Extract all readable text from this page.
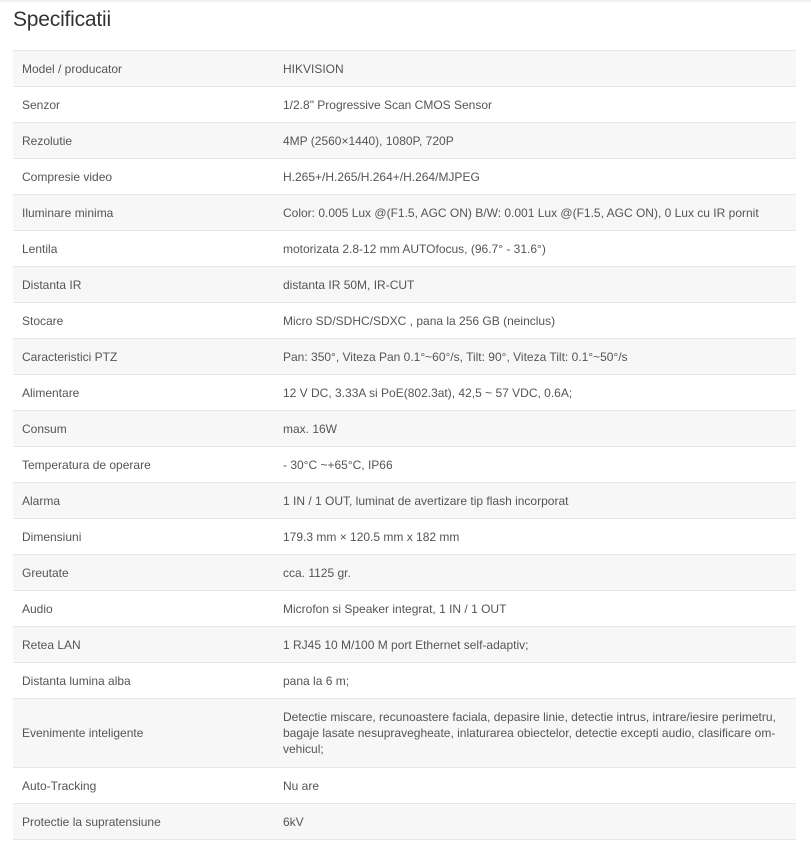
Specificatii
Model / producator	HIKVISION
Senzor	1/2.8" Progressive Scan CMOS Sensor
Rezolutie	4MP (2560×1440), 1080P, 720P
Compresie video	H.265+/H.265/H.264+/H.264/MJPEG
Iluminare minima	Color: 0.005 Lux @(F1.5, AGC ON) B/W: 0.001 Lux @(F1.5, AGC ON), 0 Lux cu IR pornit
Lentila	motorizata 2.8-12 mm AUTOfocus, (96.7° - 31.6°)
Distanta IR	distanta IR 50M, IR-CUT
Stocare	Micro SD/SDHC/SDXC , pana la 256 GB (neinclus)
Caracteristici PTZ	Pan: 350°, Viteza Pan 0.1°~60°/s, Tilt: 90°, Viteza Tilt: 0.1°~50°/s
Alimentare	12 V DC, 3.33A si PoE(802.3at), 42,5 ~ 57 VDC, 0.6A;
Consum	max. 16W
Temperatura de operare	- 30°C ~+65°C, IP66
Alarma	1 IN / 1 OUT, luminat de avertizare tip flash incorporat
Dimensiuni	179.3 mm × 120.5 mm x 182 mm
Greutate	cca. 1125 gr.
Audio	Microfon si Speaker integrat, 1 IN / 1 OUT
Retea LAN	1 RJ45 10 M/100 M port Ethernet self-adaptiv;
Distanta lumina alba	pana la 6 m;
Evenimente inteligente	Detectie miscare, recunoastere faciala, depasire linie, detectie intrus, intrare/iesire perimetru, bagaje lasate nesupravegheate, inlaturarea obiectelor, detectie excepti audio, clasificare om-vehicul;
Auto-Tracking	Nu are
Protectie la supratensiune	6kV
